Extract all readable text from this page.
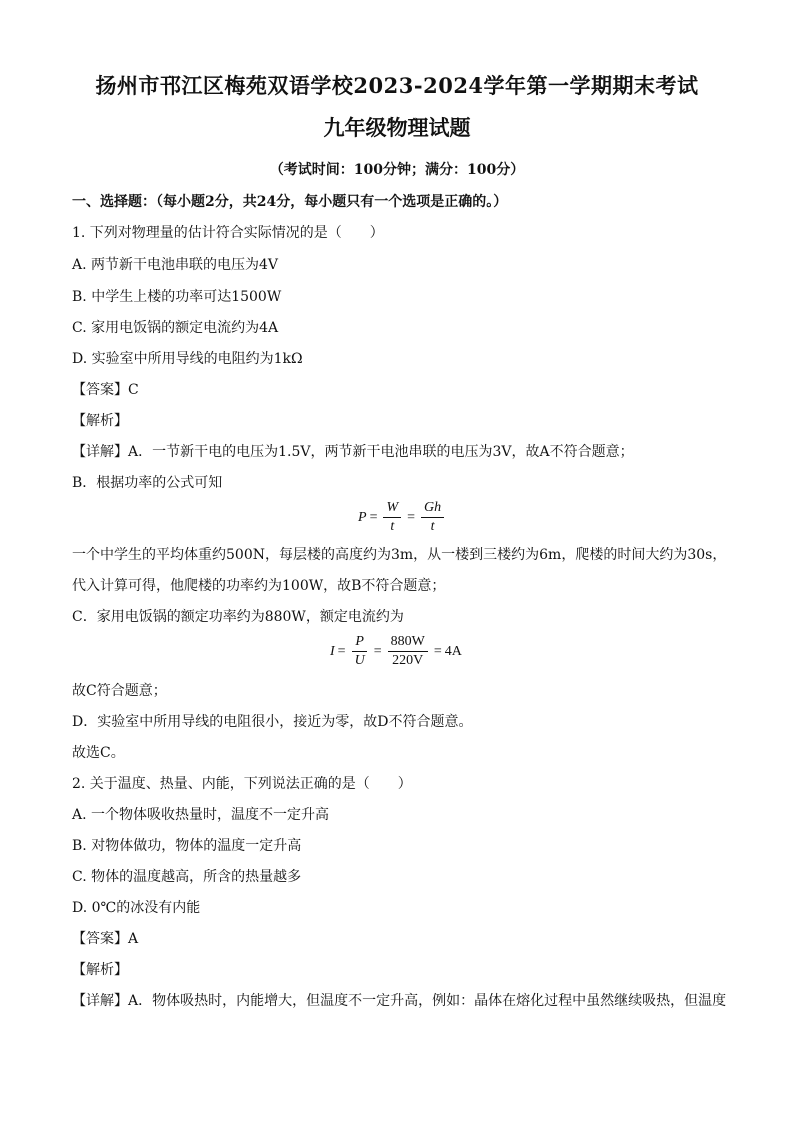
扬州市邗江区梅苑双语学校2023-2024学年第一学期期末考试
九年级物理试题
（考试时间：100分钟；满分：100分）
一、选择题：（每小题2分，共24分，每小题只有一个选项是正确的。）
1. 下列对物理量的估计符合实际情况的是（　　）
A. 两节新干电池串联的电压为4V
B. 中学生上楼的功率可达1500W
C. 家用电饭锅的额定电流约为4A
D. 实验室中所用导线的电阻约为1kΩ
【答案】C
【解析】
【详解】A．一节新干电的电压为1.5V，两节新干电池串联的电压为3V，故A不符合题意；
B．根据功率的公式可知
$P = \frac{W}{t} = \frac{Gh}{t}$
一个中学生的平均体重约500N，每层楼的高度约为3m，从一楼到三楼约为6m，爬楼的时间大约为30s，
代入计算可得，他爬楼的功率约为100W，故B不符合题意；
C．家用电饭锅的额定功率约为880W，额定电流约为
$I = \frac{P}{U} = \frac{880W}{220V} = 4A$
故C符合题意；
D．实验室中所用导线的电阻很小，接近为零，故D不符合题意。
故选C。
2. 关于温度、热量、内能，下列说法正确的是（　　）
A. 一个物体吸收热量时，温度不一定升高
B. 对物体做功，物体的温度一定升高
C. 物体的温度越高，所含的热量越多
D. 0℃的冰没有内能
【答案】A
【解析】
【详解】A．物体吸热时，内能增大，但温度不一定升高，例如：晶体在熔化过程中虽然继续吸热，但温度
